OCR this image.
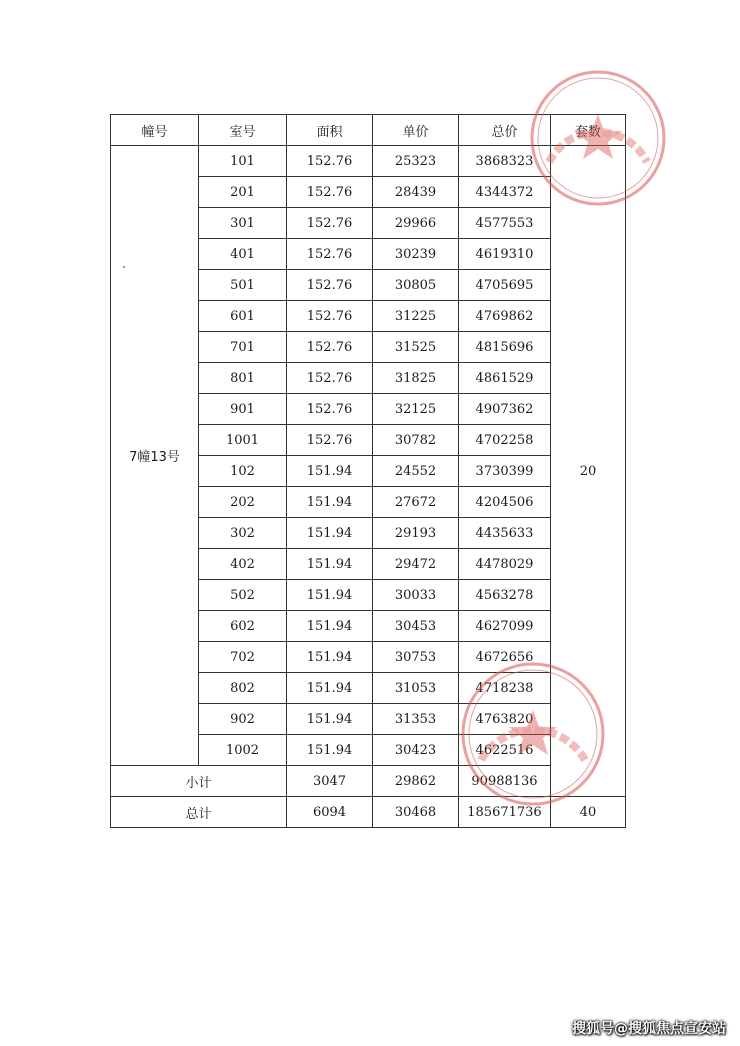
幢号	室号	面积	单价	总价	套数
7幢13号	101	152.76	25323	3868323	20
	201	152.76	28439	4344372	
	301	152.76	29966	4577553	
	401	152.76	30239	4619310	
	501	152.76	30805	4705695	
	601	152.76	31225	4769862	
	701	152.76	31525	4815696	
	801	152.76	31825	4861529	
	901	152.76	32125	4907362	
	1001	152.76	30782	4702258	
	102	151.94	24552	3730399	
	202	151.94	27672	4204506	
	302	151.94	29193	4435633	
	402	151.94	29472	4478029	
	502	151.94	30033	4563278	
	602	151.94	30453	4627099	
	702	151.94	30753	4672656	
	802	151.94	31053	4718238	
	902	151.94	31353	4763820	
	1002	151.94	30423	4622516	
小计		3047	29862	90988136	
总计		6094	30468	185671736	40
搜狐号@搜狐焦点宣安站
